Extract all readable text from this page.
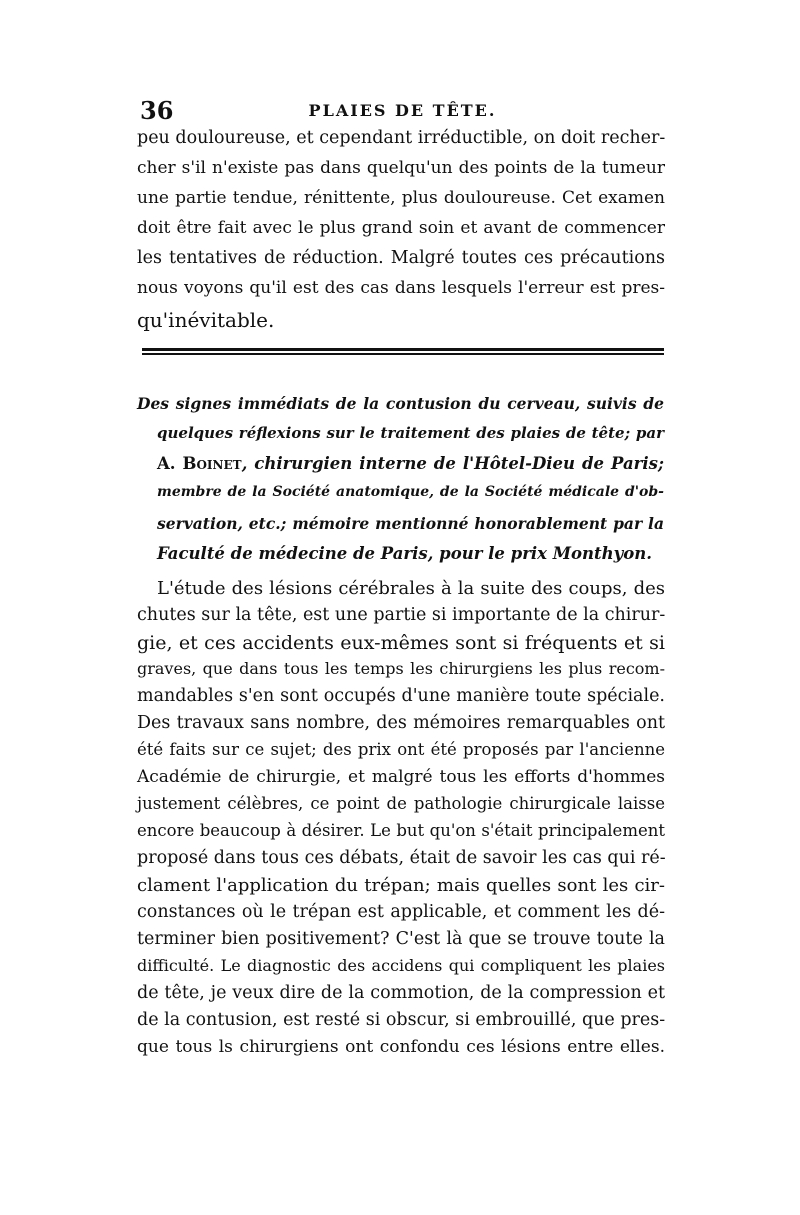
36	PLAIES DE TÊTE.
peu douloureuse, et cependant irréductible, on doit recher-
cher s'il n'existe pas dans quelqu'un des points de la tumeur
une partie tendue, rénittente, plus douloureuse. Cet examen
doit être fait avec le plus grand soin et avant de commencer
les tentatives de réduction. Malgré toutes ces précautions
nous voyons qu'il est des cas dans lesquels l'erreur est pres-
qu'inévitable.
Des signes immédiats de la contusion du cerveau, suivis de
quelques réflexions sur le traitement des plaies de tête; par
A. Boinet, chirurgien interne de l'Hôtel-Dieu de Paris;
membre de la Société anatomique, de la Société médicale d'ob-
servation, etc.; mémoire mentionné honorablement par la
Faculté de médecine de Paris, pour le prix Monthyon.
L'étude des lésions cérébrales à la suite des coups, des
chutes sur la tête, est une partie si importante de la chirur-
gie, et ces accidents eux-mêmes sont si fréquents et si
graves, que dans tous les temps les chirurgiens les plus recom-
mandables s'en sont occupés d'une manière toute spéciale.
Des travaux sans nombre, des mémoires remarquables ont
été faits sur ce sujet; des prix ont été proposés par l'ancienne
Académie de chirurgie, et malgré tous les efforts d'hommes
justement célèbres, ce point de pathologie chirurgicale laisse
encore beaucoup à désirer. Le but qu'on s'était principalement
proposé dans tous ces débats, était de savoir les cas qui ré-
clament l'application du trépan; mais quelles sont les cir-
constances où le trépan est applicable, et comment les dé-
terminer bien positivement? C'est là que se trouve toute la
difficulté. Le diagnostic des accidens qui compliquent les plaies
de tête, je veux dire de la commotion, de la compression et
de la contusion, est resté si obscur, si embrouillé, que pres-
que tous ls chirurgiens ont confondu ces lésions entre elles.
